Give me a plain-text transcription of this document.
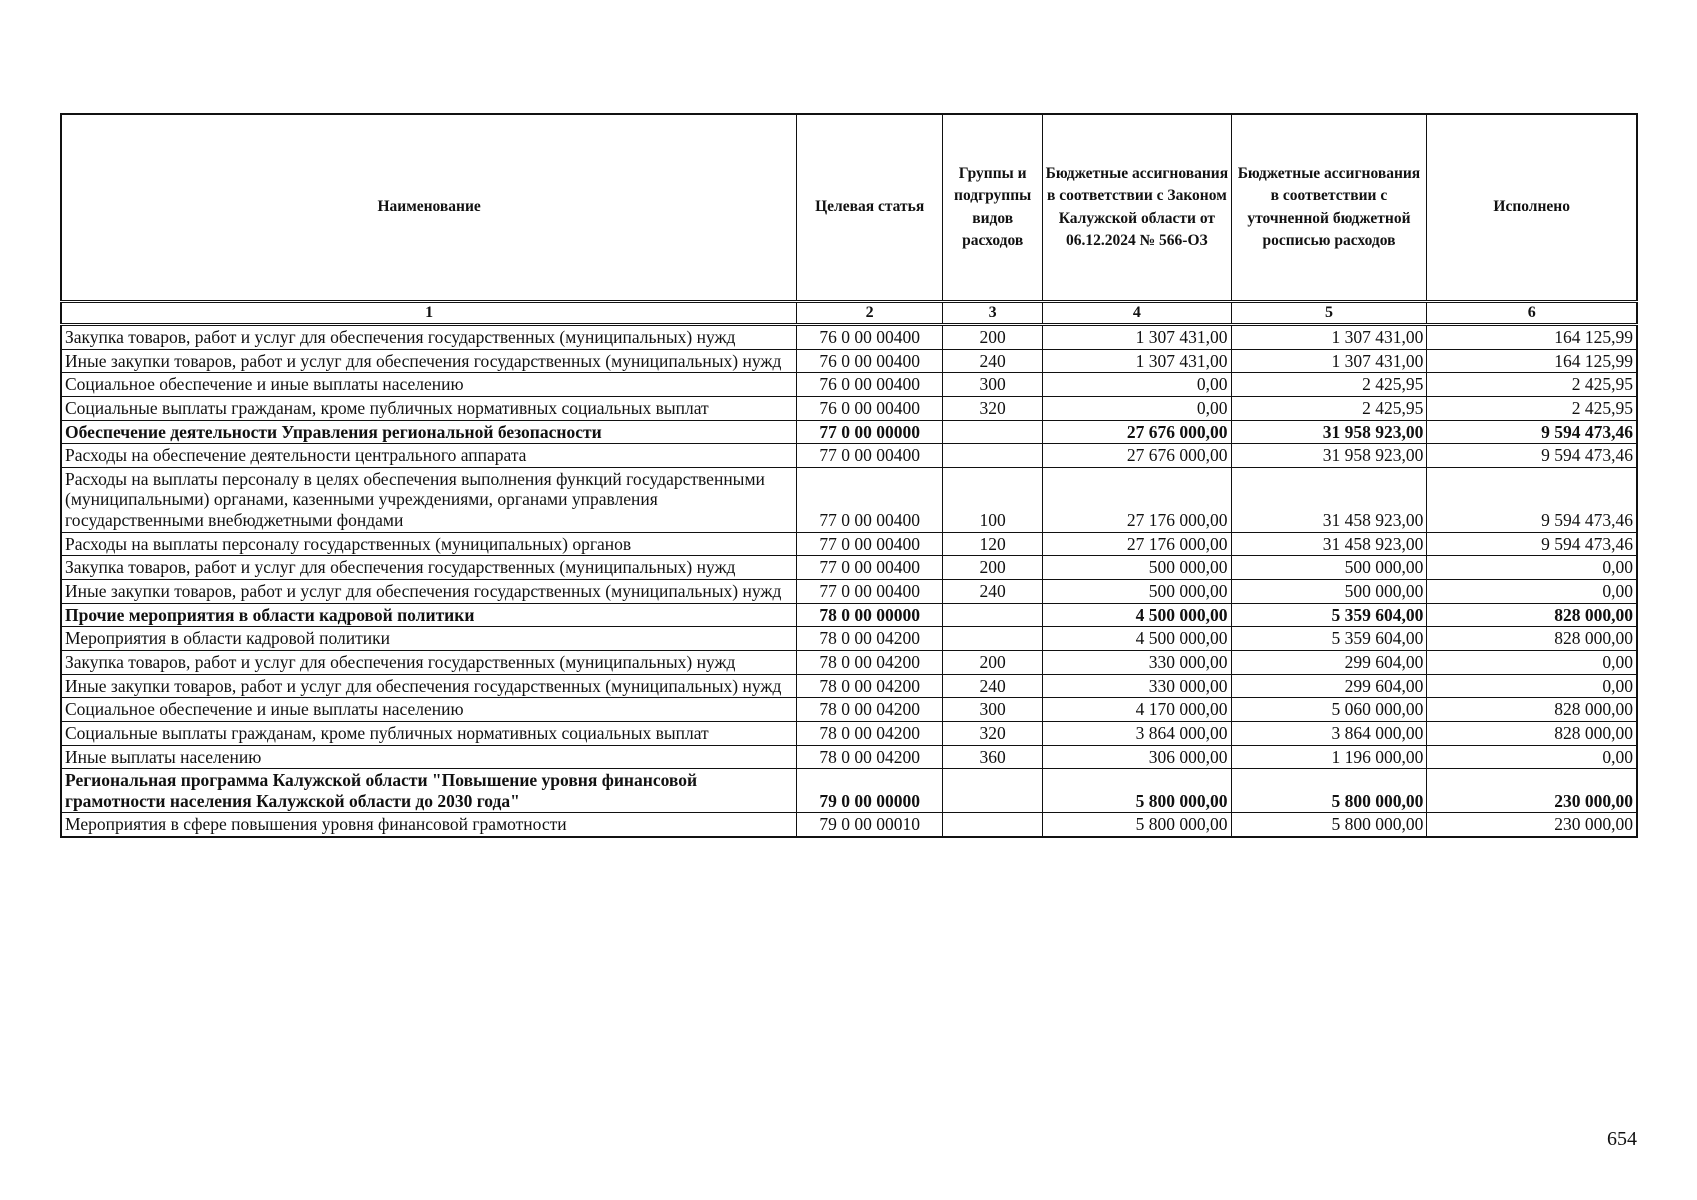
Наименование	Целевая статья	Группы и подгруппы видов расходов	Бюджетные ассигнования в соответствии с Законом Калужской области от 06.12.2024 № 566-ОЗ	Бюджетные ассигнования в соответствии с уточненной бюджетной росписью расходов	Исполнено
1	2	3	4	5	6
Закупка товаров, работ и услуг для обеспечения государственных (муниципальных) нужд	76 0 00 00400	200	1 307 431,00	1 307 431,00	164 125,99
Иные закупки товаров, работ и услуг для обеспечения государственных (муниципальных) нужд	76 0 00 00400	240	1 307 431,00	1 307 431,00	164 125,99
Социальное обеспечение и иные выплаты населению	76 0 00 00400	300	0,00	2 425,95	2 425,95
Социальные выплаты гражданам, кроме публичных нормативных социальных выплат	76 0 00 00400	320	0,00	2 425,95	2 425,95
Обеспечение деятельности Управления региональной безопасности	77 0 00 00000		27 676 000,00	31 958 923,00	9 594 473,46
Расходы на обеспечение деятельности центрального аппарата	77 0 00 00400		27 676 000,00	31 958 923,00	9 594 473,46
Расходы на выплаты персоналу в целях обеспечения выполнения функций государственными (муниципальными) органами, казенными учреждениями, органами управления государственными внебюджетными фондами	77 0 00 00400	100	27 176 000,00	31 458 923,00	9 594 473,46
Расходы на выплаты персоналу государственных (муниципальных) органов	77 0 00 00400	120	27 176 000,00	31 458 923,00	9 594 473,46
Закупка товаров, работ и услуг для обеспечения государственных (муниципальных) нужд	77 0 00 00400	200	500 000,00	500 000,00	0,00
Иные закупки товаров, работ и услуг для обеспечения государственных (муниципальных) нужд	77 0 00 00400	240	500 000,00	500 000,00	0,00
Прочие мероприятия в области кадровой политики	78 0 00 00000		4 500 000,00	5 359 604,00	828 000,00
Мероприятия в области кадровой политики	78 0 00 04200		4 500 000,00	5 359 604,00	828 000,00
Закупка товаров, работ и услуг для обеспечения государственных (муниципальных) нужд	78 0 00 04200	200	330 000,00	299 604,00	0,00
Иные закупки товаров, работ и услуг для обеспечения государственных (муниципальных) нужд	78 0 00 04200	240	330 000,00	299 604,00	0,00
Социальное обеспечение и иные выплаты населению	78 0 00 04200	300	4 170 000,00	5 060 000,00	828 000,00
Социальные выплаты гражданам, кроме публичных нормативных социальных выплат	78 0 00 04200	320	3 864 000,00	3 864 000,00	828 000,00
Иные выплаты населению	78 0 00 04200	360	306 000,00	1 196 000,00	0,00
Региональная программа Калужской области "Повышение уровня финансовой грамотности населения Калужской области до 2030 года"	79 0 00 00000		5 800 000,00	5 800 000,00	230 000,00
Мероприятия в сфере повышения уровня финансовой грамотности	79 0 00 00010		5 800 000,00	5 800 000,00	230 000,00
654
